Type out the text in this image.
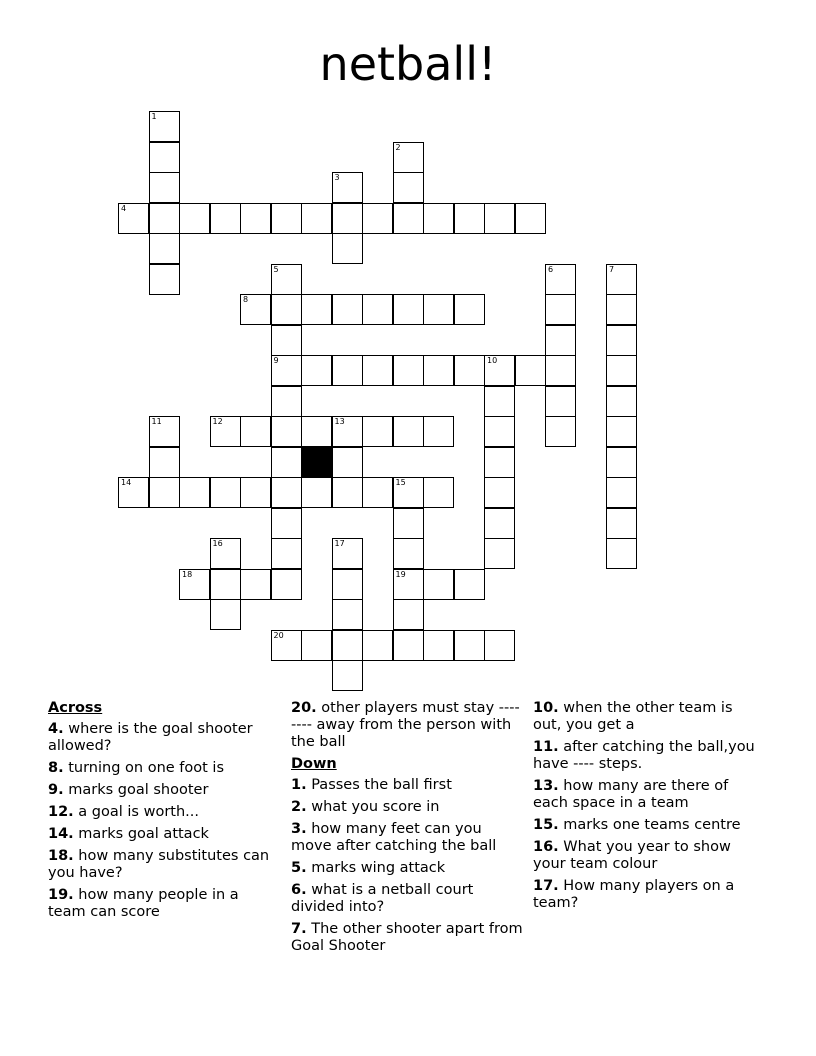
netball!
4
8
9	10
12	13
14	15
18	19
20
1
2
3
5	6	7
11
16	17
Across
4. where is the goal shooter allowed?
8. turning on one foot is
9. marks goal shooter
12. a goal is worth...
14. marks goal attack
18. how many substitutes can you have?
19. how many people in a team can score
20. other players must stay -------- away from the person with the ball
Down
1. Passes the ball first
2. what you score in
3. how many feet can you move after catching the ball
5. marks wing attack
6. what is a netball court divided into?
7. The other shooter apart from Goal Shooter
10. when the other team is out, you get a
11. after catching the ball,you have ---- steps.
13. how many are there of each space in a team
15. marks one teams centre
16. What you year to show your team colour
17. How many players on a team?
